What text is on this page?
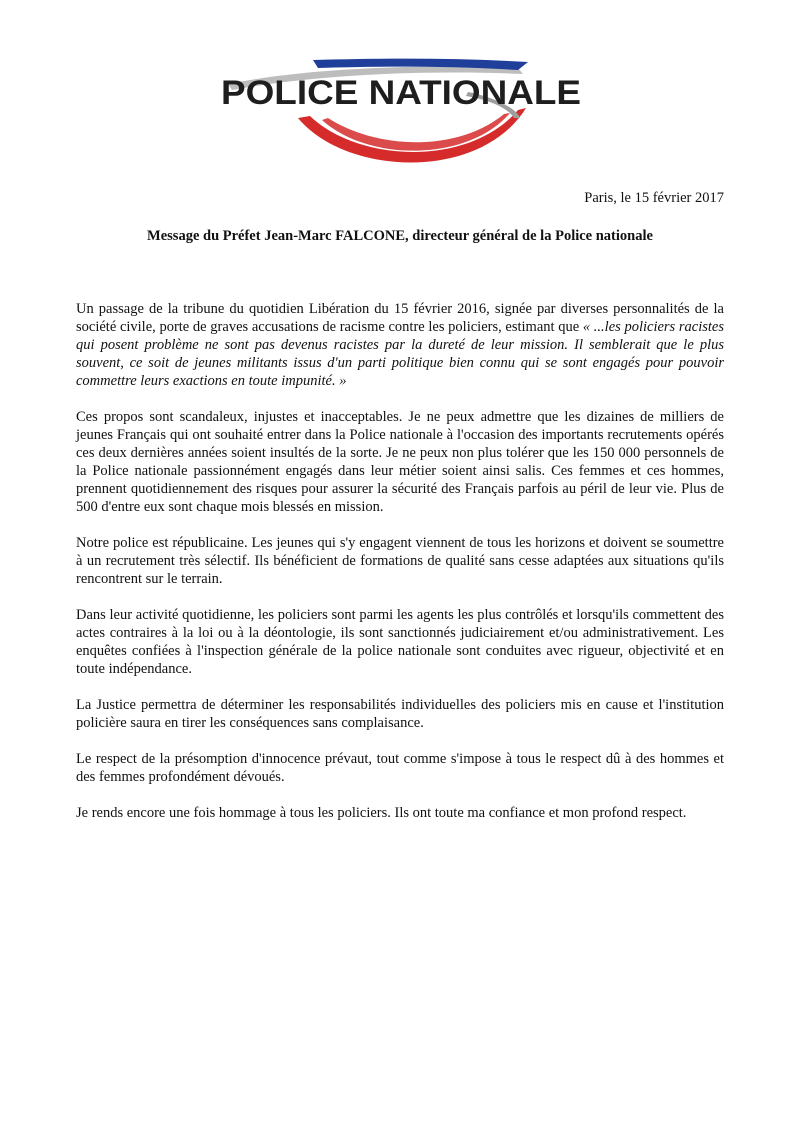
POLICE NATIONALE
Paris, le 15 février 2017
Message du Préfet Jean-Marc FALCONE, directeur général de la Police nationale

Un passage de la tribune du quotidien Libération du 15 février 2016, signée par diverses personnalités de la société civile, porte de graves accusations de racisme contre les policiers, estimant que « ...les policiers racistes qui posent problème ne sont pas devenus racistes par la dureté de leur mission. Il semblerait que le plus souvent, ce soit de jeunes militants issus d'un parti politique bien connu qui se sont engagés pour pouvoir commettre leurs exactions en toute impunité. »

Ces propos sont scandaleux, injustes et inacceptables. Je ne peux admettre que les dizaines de milliers de jeunes Français qui ont souhaité entrer dans la Police nationale à l'occasion des importants recrutements opérés ces deux dernières années soient insultés de la sorte. Je ne peux non plus tolérer que les 150 000 personnels de la Police nationale passionnément engagés dans leur métier soient ainsi salis. Ces femmes et ces hommes, prennent quotidiennement des risques pour assurer la sécurité des Français parfois au péril de leur vie. Plus de 500 d'entre eux sont chaque mois blessés en mission.

Notre police est républicaine. Les jeunes qui s'y engagent viennent de tous les horizons et doivent se soumettre à un recrutement très sélectif. Ils bénéficient de formations de qualité sans cesse adaptées aux situations qu'ils rencontrent sur le terrain.

Dans leur activité quotidienne, les policiers sont parmi les agents les plus contrôlés et lorsqu'ils commettent des actes contraires à la loi ou à la déontologie, ils sont sanctionnés judiciairement et/ou administrativement. Les enquêtes confiées à l'inspection générale de la police nationale sont conduites avec rigueur, objectivité et en toute indépendance.

La Justice permettra de déterminer les responsabilités individuelles des policiers mis en cause et l'institution policière saura en tirer les conséquences sans complaisance.

Le respect de la présomption d'innocence prévaut, tout comme s'impose à tous le respect dû à des hommes et des femmes profondément dévoués.

Je rends encore une fois hommage à tous les policiers. Ils ont toute ma confiance et mon profond respect.
